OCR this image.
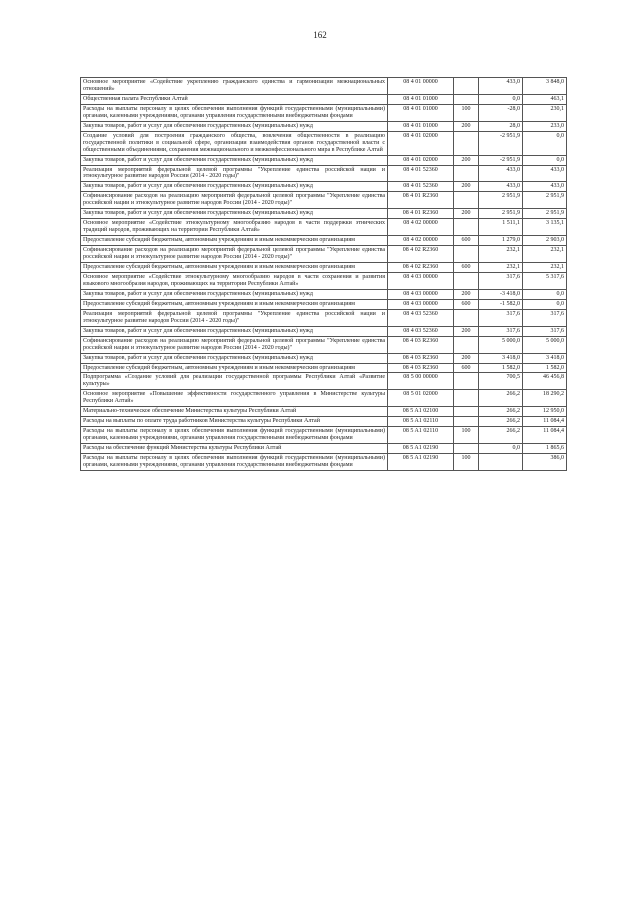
162
Основное мероприятие «Содействие укреплению гражданского единства и гармонизации межнациональных отношений»	08 4 01 00000		433,0	3 848,0
Общественная палата Республики Алтай	08 4 01 01000		0,0	463,1
Расходы на выплаты персоналу в целях обеспечения выполнения функций государственными (муниципальными) органами, казенными учреждениями, органами управления государственными внебюджетными фондами	08 4 01 01000	100	-28,0	230,1
Закупка товаров, работ и услуг для обеспечения государственных (муниципальных) нужд	08 4 01 01000	200	28,0	233,0
Создание условий для построения гражданского общества, вовлечения общественности в реализацию государственной политики в социальной сфере, организации взаимодействия органов государственной власти с общественными объединениями, сохранения межнационального и межконфессионального мира в Республике Алтай	08 4 01 02000		-2 951,9	0,0
Закупка товаров, работ и услуг для обеспечения государственных (муниципальных) нужд	08 4 01 02000	200	-2 951,9	0,0
Реализация мероприятий федеральной целевой программы "Укрепление единства российской нации и этнокультурное развитие народов России (2014 - 2020 годы)"	08 4 01 52360		433,0	433,0
Закупка товаров, работ и услуг для обеспечения государственных (муниципальных) нужд	08 4 01 52360	200	433,0	433,0
Софинансирование расходов на реализацию мероприятий федеральной целевой программы "Укрепление единства российской нации и этнокультурное развитие народов России (2014 - 2020 годы)"	08 4 01 R2360		2 951,9	2 951,9
Закупка товаров, работ и услуг для обеспечения государственных (муниципальных) нужд	08 4 01 R2360	200	2 951,9	2 951,9
Основное мероприятие «Содействие этнокультурному многообразию народов в части поддержки этнических традиций народов, проживающих на территории Республики Алтай»	08 4 02 00000		1 511,1	3 135,1
Предоставление субсидий бюджетным, автономным учреждениям и иным некоммерческим организациям	08 4 02 00000	600	1 279,0	2 903,0
Софинансирование расходов на реализацию мероприятий федеральной целевой программы "Укрепление единства российской нации и этнокультурное развитие народов России (2014 - 2020 годы)"	08 4 02 R2360		232,1	232,1
Предоставление субсидий бюджетным, автономным учреждениям и иным некоммерческим организациям	08 4 02 R2360	600	232,1	232,1
Основное мероприятие «Содействие этнокультурному многообразию народов в части сохранения и развития языкового многообразия народов, проживающих на территории Республики Алтай»	08 4 03 00000		317,6	5 317,6
Закупка товаров, работ и услуг для обеспечения государственных (муниципальных) нужд	08 4 03 00000	200	-3 418,0	0,0
Предоставление субсидий бюджетным, автономным учреждениям и иным некоммерческим организациям	08 4 03 00000	600	-1 582,0	0,0
Реализация мероприятий федеральной целевой программы "Укрепление единства российской нации и этнокультурное развитие народов России (2014 - 2020 годы)"	08 4 03 52360		317,6	317,6
Закупка товаров, работ и услуг для обеспечения государственных (муниципальных) нужд	08 4 03 52360	200	317,6	317,6
Софинансирование расходов на реализацию мероприятий федеральной целевой программы "Укрепление единства российской нации и этнокультурное развитие народов России (2014 - 2020 годы)"	08 4 03 R2360		5 000,0	5 000,0
Закупка товаров, работ и услуг для обеспечения государственных (муниципальных) нужд	08 4 03 R2360	200	3 418,0	3 418,0
Предоставление субсидий бюджетным, автономным учреждениям и иным некоммерческим организациям	08 4 03 R2360	600	1 582,0	1 582,0
Подпрограмма «Создание условий для реализации государственной программы Республики Алтай «Развитие культуры»	08 5 00 00000		700,5	46 456,8
Основное мероприятие «Повышение эффективности государственного управления в Министерстве культуры Республики Алтай»	08 5 01 02000		266,2	18 290,2
Материально-техническое обеспечение Министерства культуры Республики Алтай	08 5 A1 02100		266,2	12 950,0
Расходы на выплаты по оплате труда работников Министерства культуры Республики Алтай	08 5 A1 02110		266,2	11 084,4
Расходы на выплаты персоналу в целях обеспечения выполнения функций государственными (муниципальными) органами, казенными учреждениями, органами управления государственными внебюджетными фондами	08 5 A1 02110	100	266,2	11 084,4
Расходы на обеспечение функций Министерства культуры Республики Алтай	08 5 A1 02190		0,0	1 865,6
Расходы на выплаты персоналу в целях обеспечения выполнения функций государственными (муниципальными) органами, казенными учреждениями, органами управления государственными внебюджетными фондами	08 5 A1 02190	100		386,0
